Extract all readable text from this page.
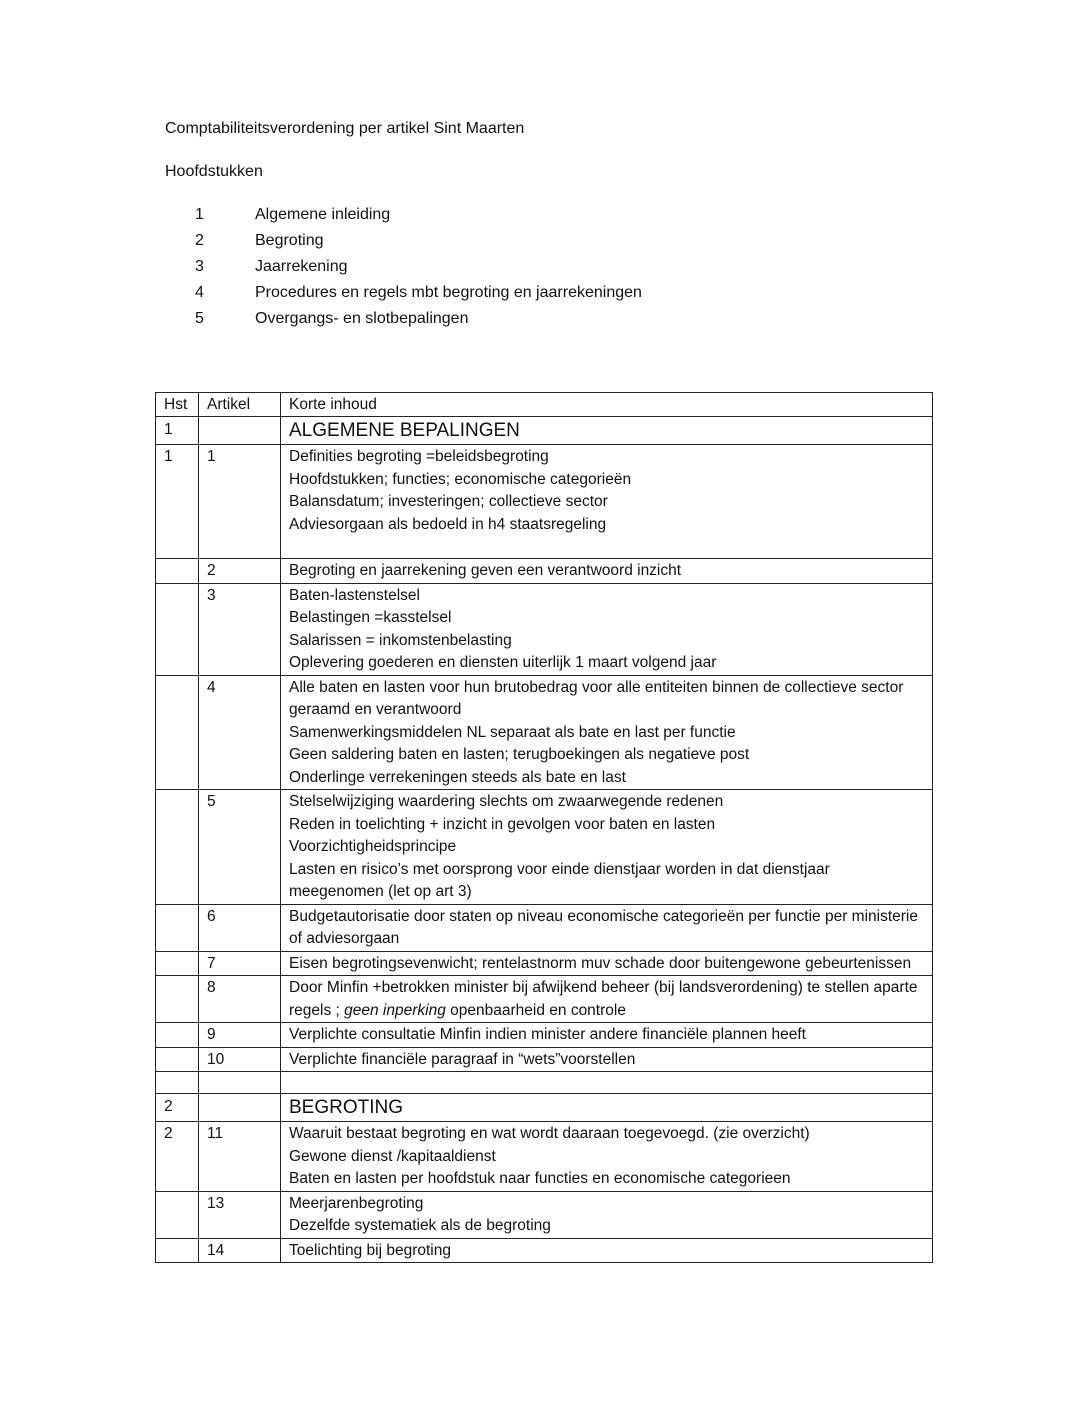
Comptabiliteitsverordening per artikel Sint Maarten
Hoofdstukken
1	Algemene inleiding
2	Begroting
3	Jaarrekening
4	Procedures en regels mbt begroting en jaarrekeningen
5	Overgangs- en slotbepalingen
Hst	Artikel	Korte inhoud
1		ALGEMENE BEPALINGEN
1	1	Definities begroting =beleidsbegroting
Hoofdstukken; functies; economische categorieën
Balansdatum; investeringen; collectieve sector
Adviesorgaan als bedoeld in h4 staatsregeling

	2	Begroting en jaarrekening geven een verantwoord inzicht

	3	Baten-lastenstelsel
Belastingen =kasstelsel
Salarissen = inkomstenbelasting
Oplevering goederen en diensten uiterlijk 1 maart volgend jaar

	4	Alle baten en lasten voor hun brutobedrag voor alle entiteiten binnen de collectieve sector geraamd en verantwoord
Samenwerkingsmiddelen NL separaat als bate en last per functie
Geen saldering baten en lasten; terugboekingen als negatieve post
Onderlinge verrekeningen steeds als bate en last

	5	Stelselwijziging waardering slechts om zwaarwegende redenen
Reden in toelichting + inzicht in gevolgen voor baten en lasten
Voorzichtigheidsprincipe
Lasten en risico’s met oorsprong voor einde dienstjaar worden in dat dienstjaar meegenomen (let op art 3)

	6	Budgetautorisatie door staten op niveau economische categorieën per functie per ministerie of adviesorgaan

	7	Eisen begrotingsevenwicht; rentelastnorm muv schade door buitengewone gebeurtenissen

	8	Door Minfin +betrokken minister bij afwijkend beheer (bij landsverordening) te stellen aparte regels ; geen inperking openbaarheid en controle
	9	Verplichte consultatie Minfin indien minister andere financiële plannen heeft

	10	Verplichte financiële paragraaf in “wets”voorstellen

2		BEGROTING
2	11	Waaruit bestaat begroting en wat wordt daaraan toegevoegd. (zie overzicht)
Gewone dienst /kapitaaldienst
Baten en lasten per hoofdstuk naar functies en economische categorieen

	13	Meerjarenbegroting
Dezelfde systematiek als de begroting

	14	Toelichting bij begroting
